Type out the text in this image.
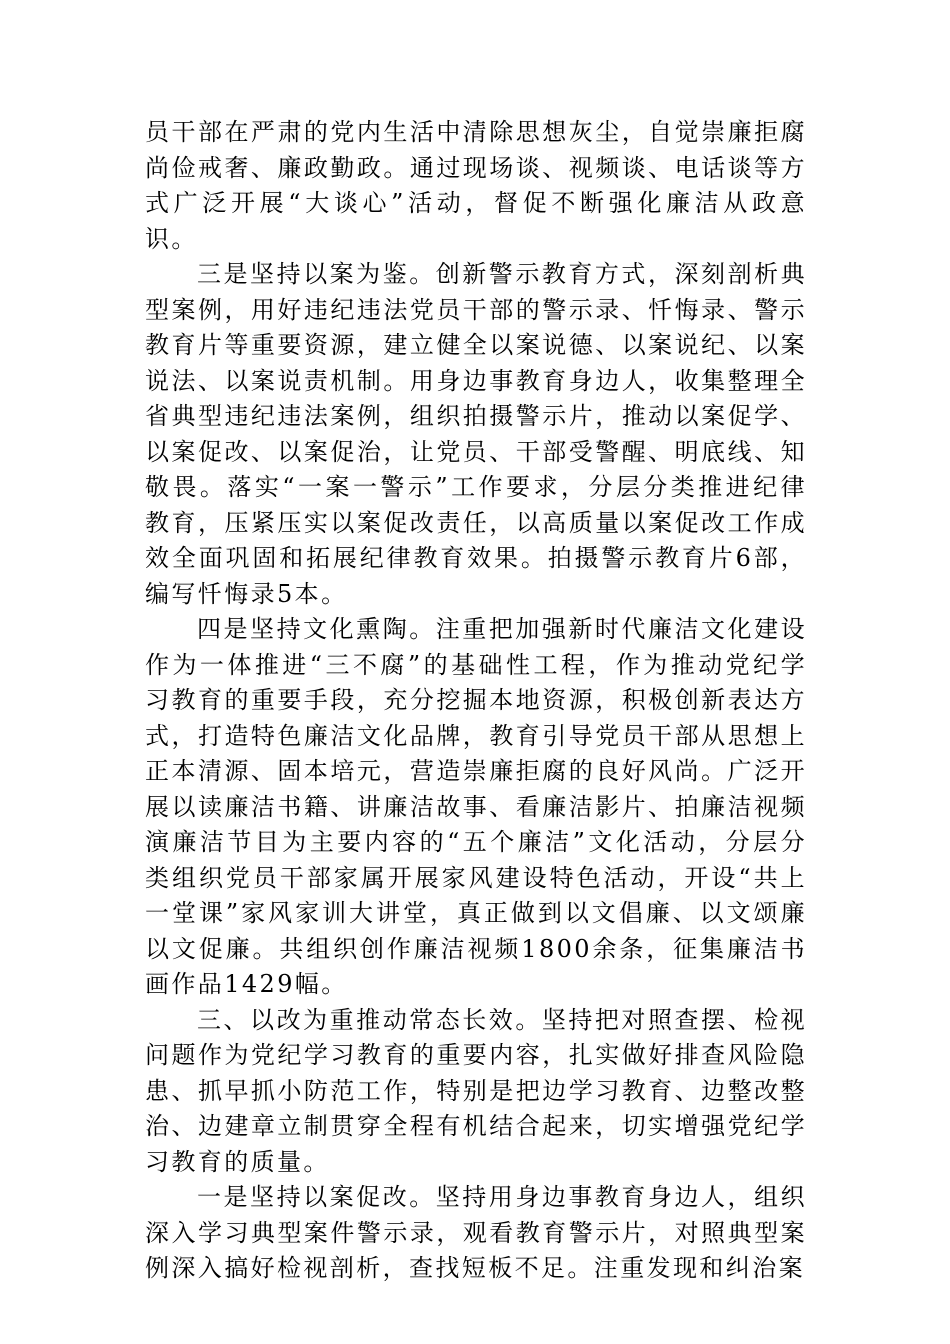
员干部在严肃的党内生活中清除思想灰尘，自觉崇廉拒腐尚俭戒奢、廉政勤政。通过现场谈、视频谈、电话谈等方式广泛开展“大谈心”活动，督促不断强化廉洁从政意识。

三是坚持以案为鉴。创新警示教育方式，深刻剖析典型案例，用好违纪违法党员干部的警示录、忏悔录、警示教育片等重要资源，建立健全以案说德、以案说纪、以案说法、以案说责机制。用身边事教育身边人，收集整理全省典型违纪违法案例，组织拍摄警示片，推动以案促学、以案促改、以案促治，让党员、干部受警醒、明底线、知敬畏。落实“一案一警示”工作要求，分层分类推进纪律教育，压紧压实以案促改责任，以高质量以案促改工作成效全面巩固和拓展纪律教育效果。拍摄警示教育片6部，编写忏悔录5本。

四是坚持文化熏陶。注重把加强新时代廉洁文化建设作为一体推进“三不腐”的基础性工程，作为推动党纪学习教育的重要手段，充分挖掘本地资源，积极创新表达方式，打造特色廉洁文化品牌，教育引导党员干部从思想上正本清源、固本培元，营造崇廉拒腐的良好风尚。广泛开展以读廉洁书籍、讲廉洁故事、看廉洁影片、拍廉洁视频演廉洁节目为主要内容的“五个廉洁”文化活动，分层分类组织党员干部家属开展家风建设特色活动，开设“共上一堂课”家风家训大讲堂，真正做到以文倡廉、以文颂廉以文促廉。共组织创作廉洁视频1800余条，征集廉洁书画作品1429幅。

三、以改为重推动常态长效。坚持把对照查摆、检视问题作为党纪学习教育的重要内容，扎实做好排查风险隐患、抓早抓小防范工作，特别是把边学习教育、边整改整治、边建章立制贯穿全程有机结合起来，切实增强党纪学习教育的质量。

一是坚持以案促改。坚持用身边事教育身边人，组织深入学习典型案件警示录，观看教育警示片，对照典型案例深入搞好检视剖析，查找短板不足。注重发现和纠治案
